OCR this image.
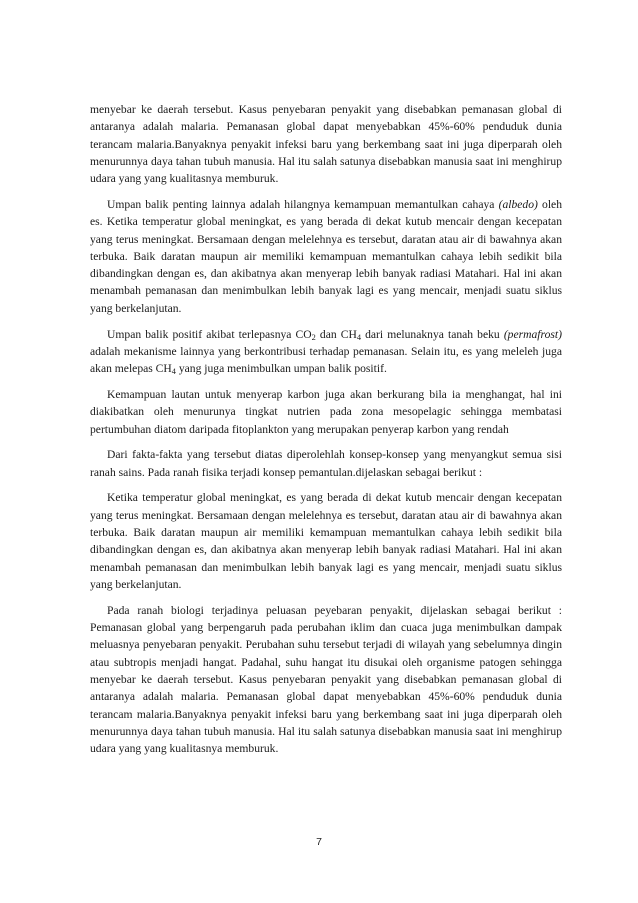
menyebar ke daerah tersebut. Kasus penyebaran penyakit yang disebabkan pemanasan global di antaranya adalah malaria. Pemanasan global dapat menyebabkan 45%-60% penduduk dunia terancam malaria.Banyaknya penyakit infeksi baru yang berkembang saat ini juga diperparah oleh menurunnya daya tahan tubuh manusia. Hal itu salah satunya disebabkan manusia saat ini menghirup udara yang yang kualitasnya memburuk.

Umpan balik penting lainnya adalah hilangnya kemampuan memantulkan cahaya (albedo) oleh es. Ketika temperatur global meningkat, es yang berada di dekat kutub mencair dengan kecepatan yang terus meningkat. Bersamaan dengan melelehnya es tersebut, daratan atau air di bawahnya akan terbuka. Baik daratan maupun air memiliki kemampuan memantulkan cahaya lebih sedikit bila dibandingkan dengan es, dan akibatnya akan menyerap lebih banyak radiasi Matahari. Hal ini akan menambah pemanasan dan menimbulkan lebih banyak lagi es yang mencair, menjadi suatu siklus yang berkelanjutan.

Umpan balik positif akibat terlepasnya $CO_2$ dan $CH_4$ dari melunaknya tanah beku (permafrost) adalah mekanisme lainnya yang berkontribusi terhadap pemanasan. Selain itu, es yang meleleh juga akan melepas $CH_4$ yang juga menimbulkan umpan balik positif.

Kemampuan lautan untuk menyerap karbon juga akan berkurang bila ia menghangat, hal ini diakibatkan oleh menurunya tingkat nutrien pada zona mesopelagic sehingga membatasi pertumbuhan diatom daripada fitoplankton yang merupakan penyerap karbon yang rendah

Dari fakta-fakta yang tersebut diatas diperolehlah konsep-konsep yang menyangkut semua sisi ranah sains. Pada ranah fisika terjadi konsep pemantulan.dijelaskan sebagai berikut :

Ketika temperatur global meningkat, es yang berada di dekat kutub mencair dengan kecepatan yang terus meningkat. Bersamaan dengan melelehnya es tersebut, daratan atau air di bawahnya akan terbuka. Baik daratan maupun air memiliki kemampuan memantulkan cahaya lebih sedikit bila dibandingkan dengan es, dan akibatnya akan menyerap lebih banyak radiasi Matahari. Hal ini akan menambah pemanasan dan menimbulkan lebih banyak lagi es yang mencair, menjadi suatu siklus yang berkelanjutan.

Pada ranah biologi terjadinya peluasan peyebaran penyakit, dijelaskan sebagai berikut : Pemanasan global yang berpengaruh pada perubahan iklim dan cuaca juga menimbulkan dampak meluasnya penyebaran penyakit. Perubahan suhu tersebut terjadi di wilayah yang sebelumnya dingin atau subtropis menjadi hangat. Padahal, suhu hangat itu disukai oleh organisme patogen sehingga menyebar ke daerah tersebut. Kasus penyebaran penyakit yang disebabkan pemanasan global di antaranya adalah malaria. Pemanasan global dapat menyebabkan 45%-60% penduduk dunia terancam malaria.Banyaknya penyakit infeksi baru yang berkembang saat ini juga diperparah oleh menurunnya daya tahan tubuh manusia. Hal itu salah satunya disebabkan manusia saat ini menghirup udara yang yang kualitasnya memburuk.

7
